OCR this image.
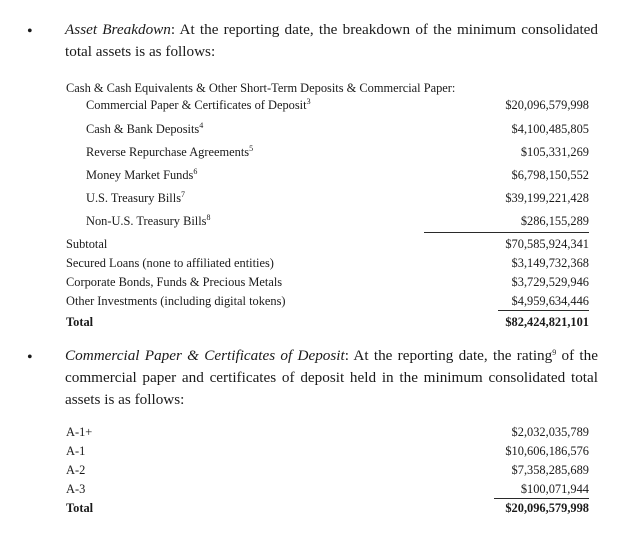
• Asset Breakdown: At the reporting date, the breakdown of the minimum consolidated total assets is as follows:

Cash & Cash Equivalents & Other Short-Term Deposits & Commercial Paper:
Commercial Paper & Certificates of Deposit$^3$	$20,096,579,998
Cash & Bank Deposits$^4$	$4,100,485,805
Reverse Repurchase Agreements$^5$	$105,331,269
Money Market Funds$^6$	$6,798,150,552
U.S. Treasury Bills$^7$	$39,199,221,428
Non-U.S. Treasury Bills$^8$	$286,155,289
Subtotal	$70,585,924,341
Secured Loans (none to affiliated entities)	$3,149,732,368
Corporate Bonds, Funds & Precious Metals	$3,729,529,946
Other Investments (including digital tokens)	$4,959,634,446
Total	$82,424,821,101
• Commercial Paper & Certificates of Deposit: At the reporting date, the rating$^9$ of the commercial paper and certificates of deposit held in the minimum consolidated total assets is as follows:

A-1+	$2,032,035,789
A-1	$10,606,186,576
A-2	$7,358,285,689
A-3	$100,071,944
Total	$20,096,579,998
